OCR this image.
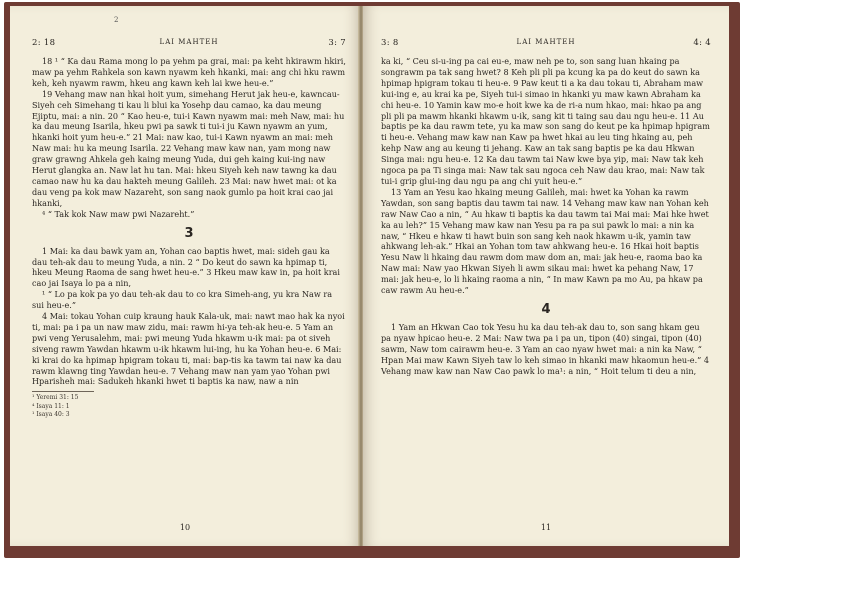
2
2: 18	LAI MAHTEH	3: 7

18 ¹ “ Ka dau Rama mong lo pa yehm pa grai, mai: pa keht hkirawm hkiri, maw pa yehm Rahkela son kawn nyawm keh hkanki, mai: ang chi hku rawm keh, keh nyawm rawm, hkeu ang kawn keh lai kwe heu-e.”

19 Vehang maw nan hkai hoit yum, simehang Herut jak heu-e, kawncau-Siyeh ceh Simehang ti kau li blui ka Yosehp dau camao, ka dau meung Ejiptu, mai: a nin. 20 “ Kao heu-e, tui-i Kawn nyawm mai: meh Naw, mai: hu ka dau meung Isarila, hkeu pwi pa sawk ti tui-i ju Kawn nyawm an yum, hkanki hoit yum heu-e.” 21 Mai: naw kao, tui-i Kawn nyawm an mai: meh Naw mai: hu ka meung Isarila. 22 Vehang maw kaw nan, yam mong naw graw grawng Ahkela geh kaing meung Yuda, dui geh kaing kui-ing naw Herut glangka an. Naw lat hu tan. Mai: hkeu Siyeh keh naw tawng ka dau camao naw hu ka dau hakteh meung Galileh. 23 Mai: naw hwet mai: ot ka dau veng pa kok maw Nazareht, son sang naok gumlo pa hoit krai cao jai hkanki,

⁴ “ Tak kok Naw maw pwi Nazareht.”

3

1 Mai: ka dau bawk yam an, Yohan cao baptis hwet, mai: sideh gau ka dau teh-ak dau to meung Yuda, a nin. 2 “ Do keut do sawn ka hpimap ti, hkeu Meung Raoma de sang hwet heu-e.” 3 Hkeu maw kaw in, pa hoit krai cao jai Isaya lo pa a nin,

¹ “ Lo pa kok pa yo dau teh-ak dau to co kra Simeh-ang, yu kra Naw ra sui heu-e.”

4 Mai: tokau Yohan cuip kraung hauk Kala-uk, mai: nawt mao hak ka nyoi ti, mai: pa i pa un naw maw zidu, mai: rawm hi-ya teh-ak heu-e. 5 Yam an pwi veng Yerusalehm, mai: pwi meung Yuda hkawm u-ik mai: pa ot siveh siveng rawm Yawdan hkawm u-ik hkawm lui-ing, hu ka Yohan heu-e. 6 Mai: ki krai do ka hpimap hpigram tokau ti, mai: bap-tis ka tawm tai naw ka dau rawm klawng ting Yawdan heu-e. 7 Vehang maw nan yam yao Yohan pwi Hparisheh mai: Sadukeh hkanki hwet ti baptis ka naw, naw a nin

¹ Yeremi 31: 15
⁴ Isaya 11: 1
¹ Isaya 40: 3
10
3: 8	LAI MAHTEH	4: 4

ka ki, “ Ceu si-u-ing pa cai eu-e, maw neh pe to, son sang luan hkaing pa songrawm pa tak sang hwet? 8 Keh pli pli pa kcung ka pa do keut do sawn ka hpimap hpigram tokau ti heu-e. 9 Paw keut ti a ka dau tokau ti, Abraham maw kui-ing e, au krai ka pe, Siyeh tui-i simao in hkanki yu maw kawn Abraham ka chi heu-e. 10 Yamin kaw mo-e hoit kwe ka de ri-a num hkao, mai: hkao pa ang pli pli pa mawm hkanki hkawm u-ik, sang kit ti taing sau dau ngu heu-e. 11 Au baptis pe ka dau rawm tete, yu ka maw son sang do keut pe ka hpimap hpigram ti heu-e. Vehang maw kaw nan Kaw pa hwet hkai au leu ting hkaing au, peh kehp Naw ang au keung ti jehang. Kaw an tak sang baptis pe ka dau Hkwan Singa mai: ngu heu-e. 12 Ka dau tawm tai Naw kwe bya yip, mai: Naw tak keh ngoca pa pa Ti singa mai: Naw tak sau ngoca ceh Naw dau krao, mai: Naw tak tui-i grip glui-ing dau ngu pa ang chi yuit heu-e.”

13 Yam an Yesu kao hkaing meung Galileh, mai: hwet ka Yohan ka rawm Yawdan, son sang baptis dau tawm tai naw. 14 Vehang maw kaw nan Yohan keh raw Naw Cao a nin, “ Au hkaw ti baptis ka dau tawm tai Mai mai: Mai hke hwet ka au leh?” 15 Vehang maw kaw nan Yesu pa ra pa sui pawk lo mai: a nin ka naw, “ Hkeu e hkaw ti hawt buin son sang keh naok hkawm u-ik, yamin taw ahkwang leh-ak.” Hkai an Yohan tom taw ahkwang heu-e. 16 Hkai hoit baptis Yesu Naw li hkaing dau rawm dom maw dom an, mai: jak heu-e, raoma bao ka Naw mai: Naw yao Hkwan Siyeh li awm sikau mai: hwet ka pehang Naw, 17 mai: jak heu-e, lo li hkaing raoma a nin, “ In maw Kawn pa mo Au, pa hkaw pa caw rawm Au heu-e.”

4

1 Yam an Hkwan Cao tok Yesu hu ka dau teh-ak dau to, son sang hkam geu pa nyaw hpicao heu-e. 2 Mai: Naw twa pa i pa un, tipon (40) singai, tipon (40) sawm, Naw tom cairawm heu-e. 3 Yam an cao nyaw hwet mai: a nin ka Naw, “ Hpan Mai maw Kawn Siyeh taw lo keh simao in hkanki maw hkaomun heu-e.” 4 Vehang maw kaw nan Naw Cao pawk lo ma¹: a nin, “ Hoit telum ti deu a nin,

11
